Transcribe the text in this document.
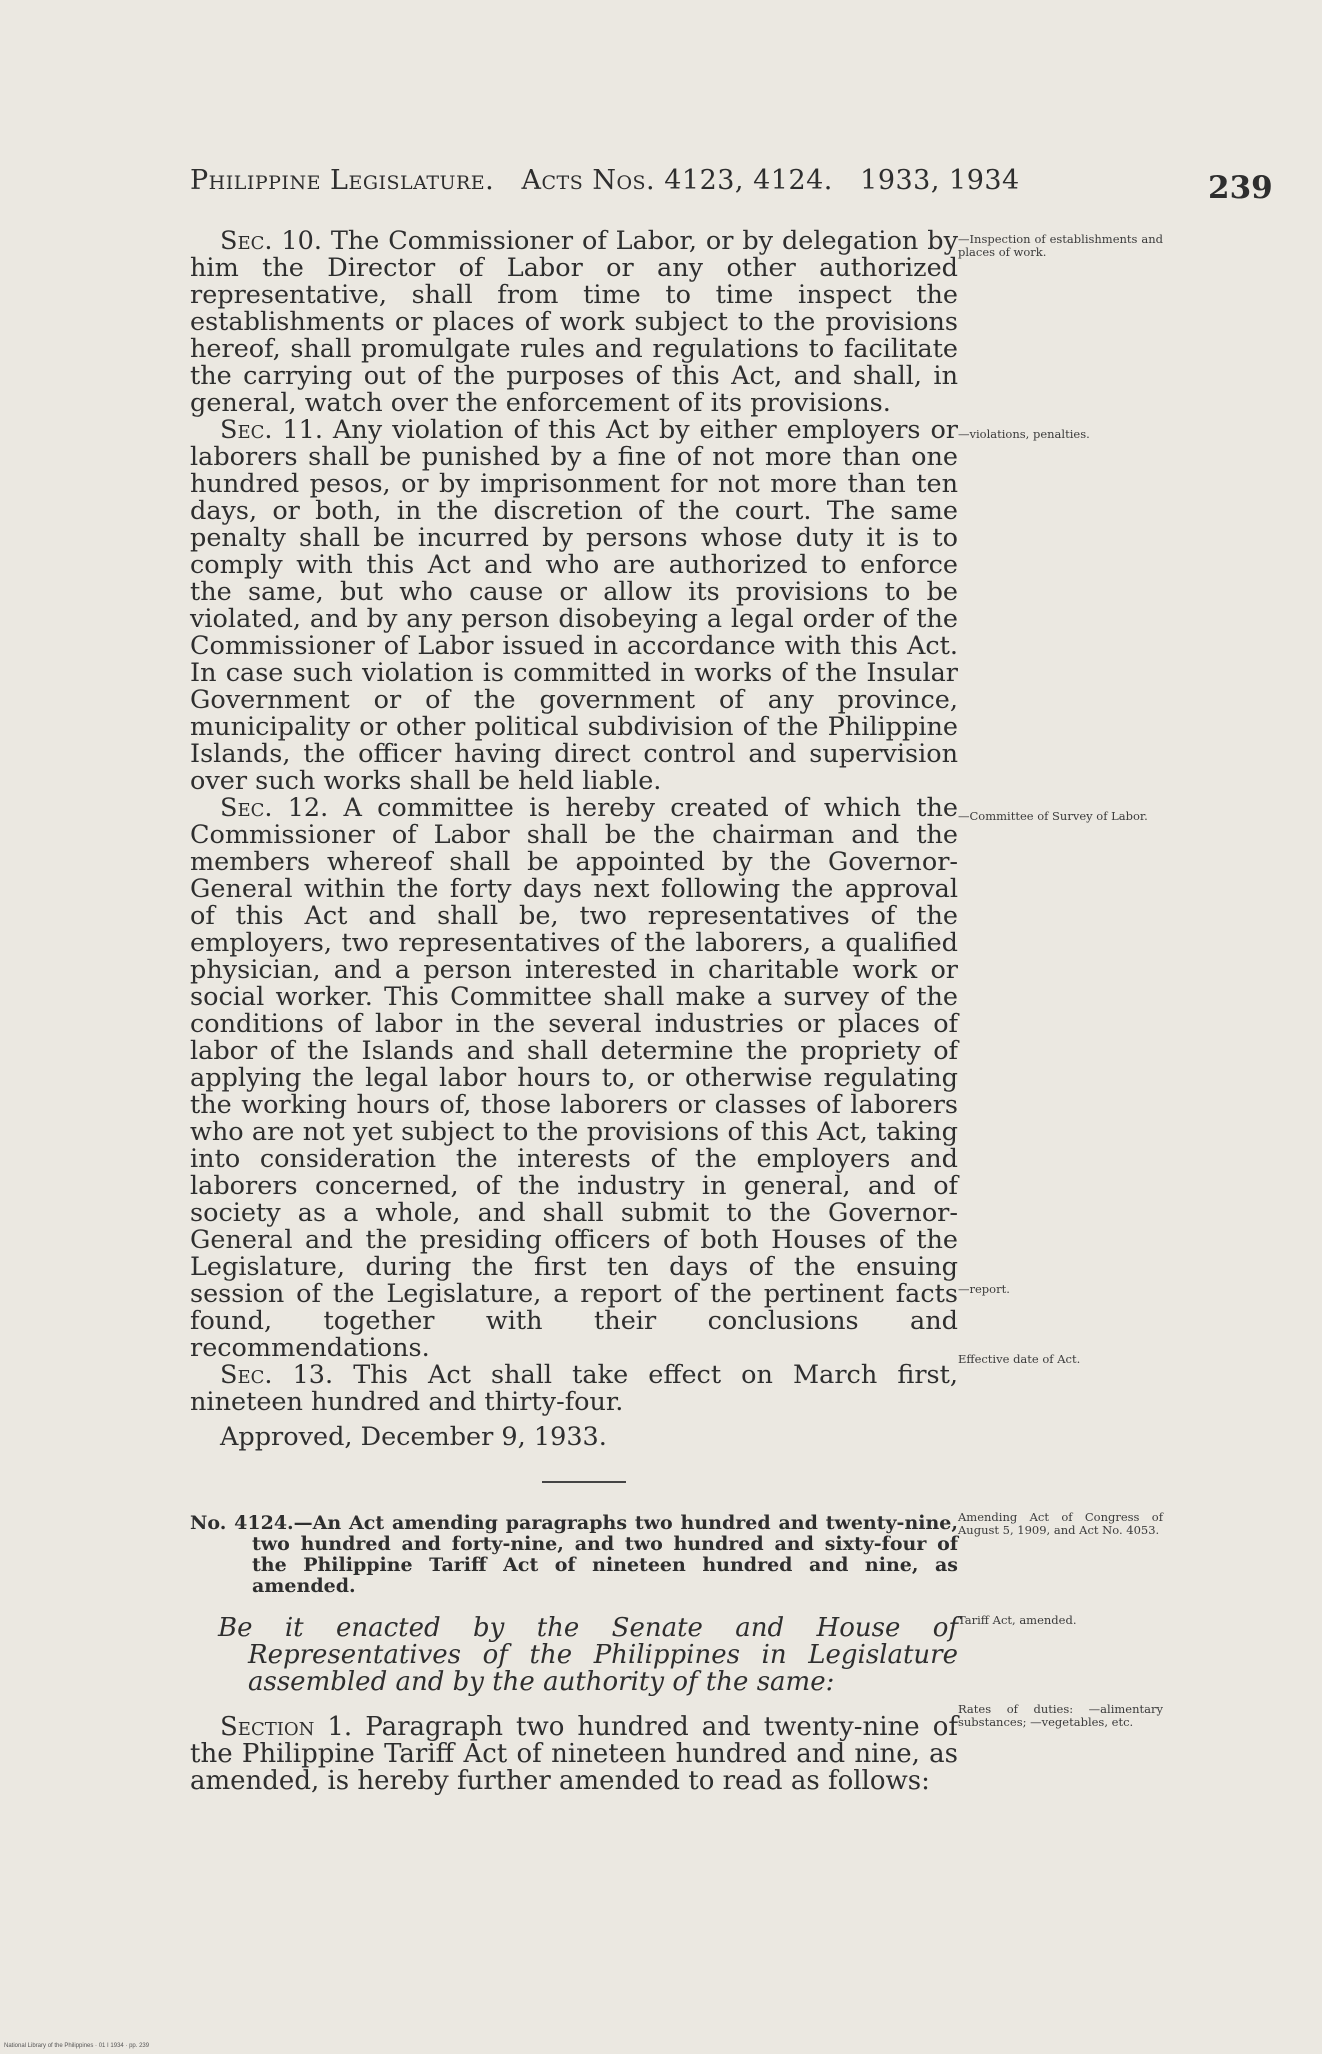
Philippine Legislature. Acts Nos. 4123, 4124. 1933, 1934	239

Sec. 10. The Commissioner of Labor, or by delegation by him the Director of Labor or any other authorized representative, shall from time to time inspect the establishments or places of work subject to the provisions hereof, shall promulgate rules and regulations to facilitate the carrying out of the purposes of this Act, and shall, in general, watch over the enforcement of its provisions.

Sec. 11. Any violation of this Act by either employers or laborers shall be punished by a fine of not more than one hundred pesos, or by imprisonment for not more than ten days, or both, in the discretion of the court. The same penalty shall be incurred by persons whose duty it is to comply with this Act and who are authorized to enforce the same, but who cause or allow its provisions to be violated, and by any person disobeying a legal order of the Commissioner of Labor issued in accordance with this Act. In case such violation is committed in works of the Insular Government or of the government of any province, municipality or other political subdivision of the Philippine Islands, the officer having direct control and supervision over such works shall be held liable.

Sec. 12. A committee is hereby created of which the Commissioner of Labor shall be the chairman and the members whereof shall be appointed by the Governor-General within the forty days next following the approval of this Act and shall be, two representatives of the employers, two representatives of the laborers, a qualified physician, and a person interested in charitable work or social worker. This Committee shall make a survey of the conditions of labor in the several industries or places of labor of the Islands and shall determine the propriety of applying the legal labor hours to, or otherwise regulating the working hours of, those laborers or classes of laborers who are not yet subject to the provisions of this Act, taking into consideration the interests of the employers and laborers concerned, of the industry in general, and of society as a whole, and shall submit to the Governor-General and the presiding officers of both Houses of the Legislature, during the first ten days of the ensuing session of the Legislature, a report of the pertinent facts found, together with their conclusions and recommendations.

Sec. 13. This Act shall take effect on March first, nineteen hundred and thirty-four.

Approved, December 9, 1933.

No. 4124.—An Act amending paragraphs two hundred and twenty-nine, two hundred and forty-nine, and two hundred and sixty-four of the Philippine Tariff Act of nineteen hundred and nine, as amended.

Be it enacted by the Senate and House of Representatives of the Philippines in Legislature assembled and by the authority of the same:

Section 1. Paragraph two hundred and twenty-nine of the Philippine Tariff Act of nineteen hundred and nine, as amended, is hereby further amended to read as follows:

—Inspection of establishments and places of work.
—violations, penalties.
—Committee of Survey of Labor.
—report.
Effective date of Act.
Amending Act of Congress of August 5, 1909, and Act No. 4053.
Tariff Act, amended.
Rates of duties: —alimentary substances; —vegetables, etc.
National Library of the Philippines · 01 I 1934 · pp. 239
